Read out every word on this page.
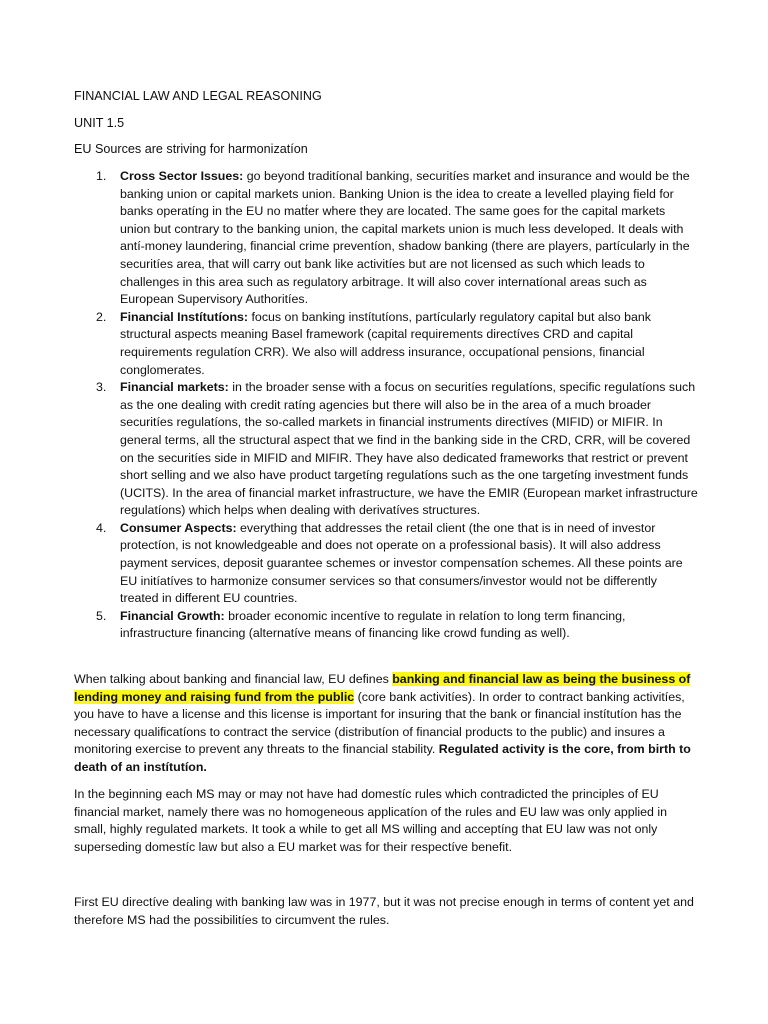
FINANCIAL LAW AND LEGAL REASONING

UNIT 1.5

EU Sources are striving for harmonizatíon

1. Cross Sector Issues: go beyond traditíonal banking, securitíes market and insurance and would be the banking union or capital markets union. Banking Union is the idea to create a levelled playing field for banks operatíng in the EU no matt́er where they are located. The same goes for the capital markets union but contrary to the banking union, the capital markets union is much less developed. It deals with antí-money laundering, financial crime preventíon, shadow banking (there are players, partícularly in the securitíes area, that will carry out bank like activitíes but are not licensed as such which leads to challenges in this area such as regulatory arbitrage. It will also cover internatíonal areas such as European Supervisory Authoritíes.
2. Financial Instítutíons: focus on banking instítutíons, partícularly regulatory capital but also bank structural aspects meaning Basel framework (capital requirements directíves CRD and capital requirements regulatíon CRR). We also will address insurance, occupatíonal pensions, financial conglomerates.
3. Financial markets: in the broader sense with a focus on securitíes regulatíons, specific regulatíons such as the one dealing with credit ratíng agencies but there will also be in the area of a much broader securitíes regulatíons, the so-called markets in financial instruments directíves (MIFID) or MIFIR. In general terms, all the structural aspect that we find in the banking side in the CRD, CRR, will be covered on the securitíes side in MIFID and MIFIR. They have also dedicated frameworks that restrict or prevent short selling and we also have product targetíng regulatíons such as the one targetíng investment funds (UCITS). In the area of financial market infrastructure, we have the EMIR (European market infrastructure regulatíons) which helps when dealing with derivatíves structures.
4. Consumer Aspects: everything that addresses the retail client (the one that is in need of investor protectíon, is not knowledgeable and does not operate on a professional basis). It will also address payment services, deposit guarantee schemes or investor compensatíon schemes. All these points are EU initíatíves to harmonize consumer services so that consumers/investor would not be differently treated in different EU countries.
5. Financial Growth: broader economic incentíve to regulate in relatíon to long term financing, infrastructure financing (alternatíve means of financing like crowd funding as well).

When talking about banking and financial law, EU defines banking and financial law as being the business of lending money and raising fund from the public (core bank activitíes). In order to contract banking activitíes, you have to have a license and this license is important for insuring that the bank or financial instítutíon has the necessary qualificatíons to contract the service (distributíon of financial products to the public) and insures a monitoring exercise to prevent any threats to the financial stability. Regulated activity is the core, from birth to death of an instítutíon.

In the beginning each MS may or may not have had domestíc rules which contradicted the principles of EU financial market, namely there was no homogeneous applicatíon of the rules and EU law was only applied in small, highly regulated markets. It took a while to get all MS willing and acceptíng that EU law was not only superseding domestíc law but also a EU market was for their respectíve benefit.

First EU directíve dealing with banking law was in 1977, but it was not precise enough in terms of content yet and therefore MS had the possibilitíes to circumvent the rules.
